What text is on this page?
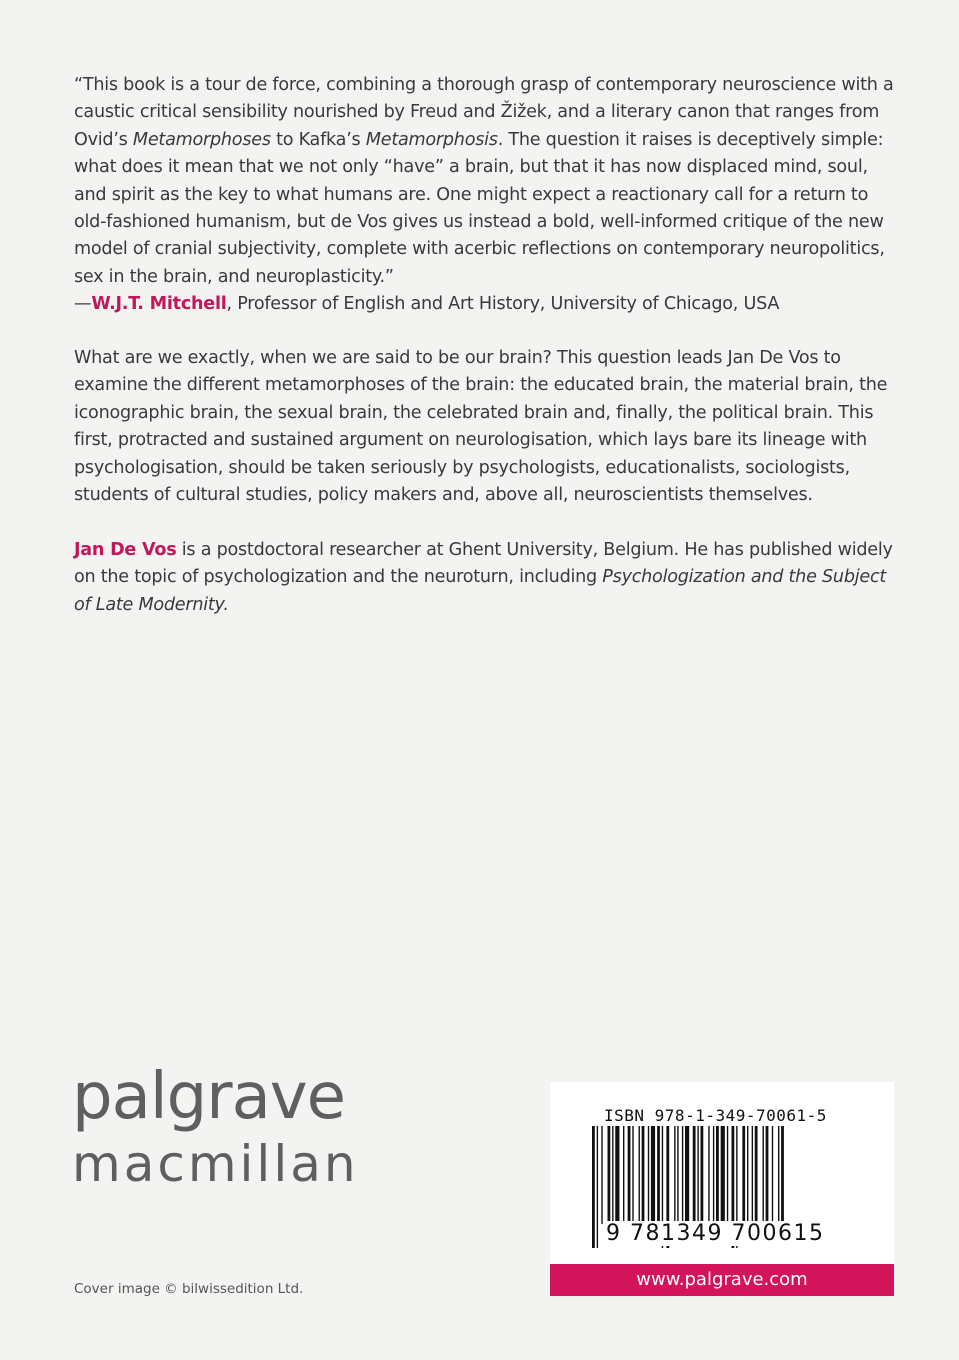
“This book is a tour de force, combining a thorough grasp of contemporary neuroscience with a caustic critical sensibility nourished by Freud and Žižek, and a literary canon that ranges from Ovid’s Metamorphoses to Kafka’s Metamorphosis. The question it raises is deceptively simple: what does it mean that we not only “have” a brain, but that it has now displaced mind, soul, and spirit as the key to what humans are. One might expect a reactionary call for a return to old-fashioned humanism, but de Vos gives us instead a bold, well-informed critique of the new model of cranial subjectivity, complete with acerbic reflections on contemporary neuropolitics, sex in the brain, and neuroplasticity.”
—W.J.T. Mitchell, Professor of English and Art History, University of Chicago, USA
What are we exactly, when we are said to be our brain? This question leads Jan De Vos to examine the different metamorphoses of the brain: the educated brain, the material brain, the iconographic brain, the sexual brain, the celebrated brain and, finally, the political brain. This first, protracted and sustained argument on neurologisation, which lays bare its lineage with psychologisation, should be taken seriously by psychologists, educationalists, sociologists, students of cultural studies, policy makers and, above all, neuroscientists themselves.
Jan De Vos is a postdoctoral researcher at Ghent University, Belgium. He has published widely on the topic of psychologization and the neuroturn, including Psychologization and the Subject of Late Modernity.
palgrave
macmillan
Cover image © bilwissedition Ltd.
ISBN 978-1-349-70061-5
9 781349 700615
www.palgrave.com
